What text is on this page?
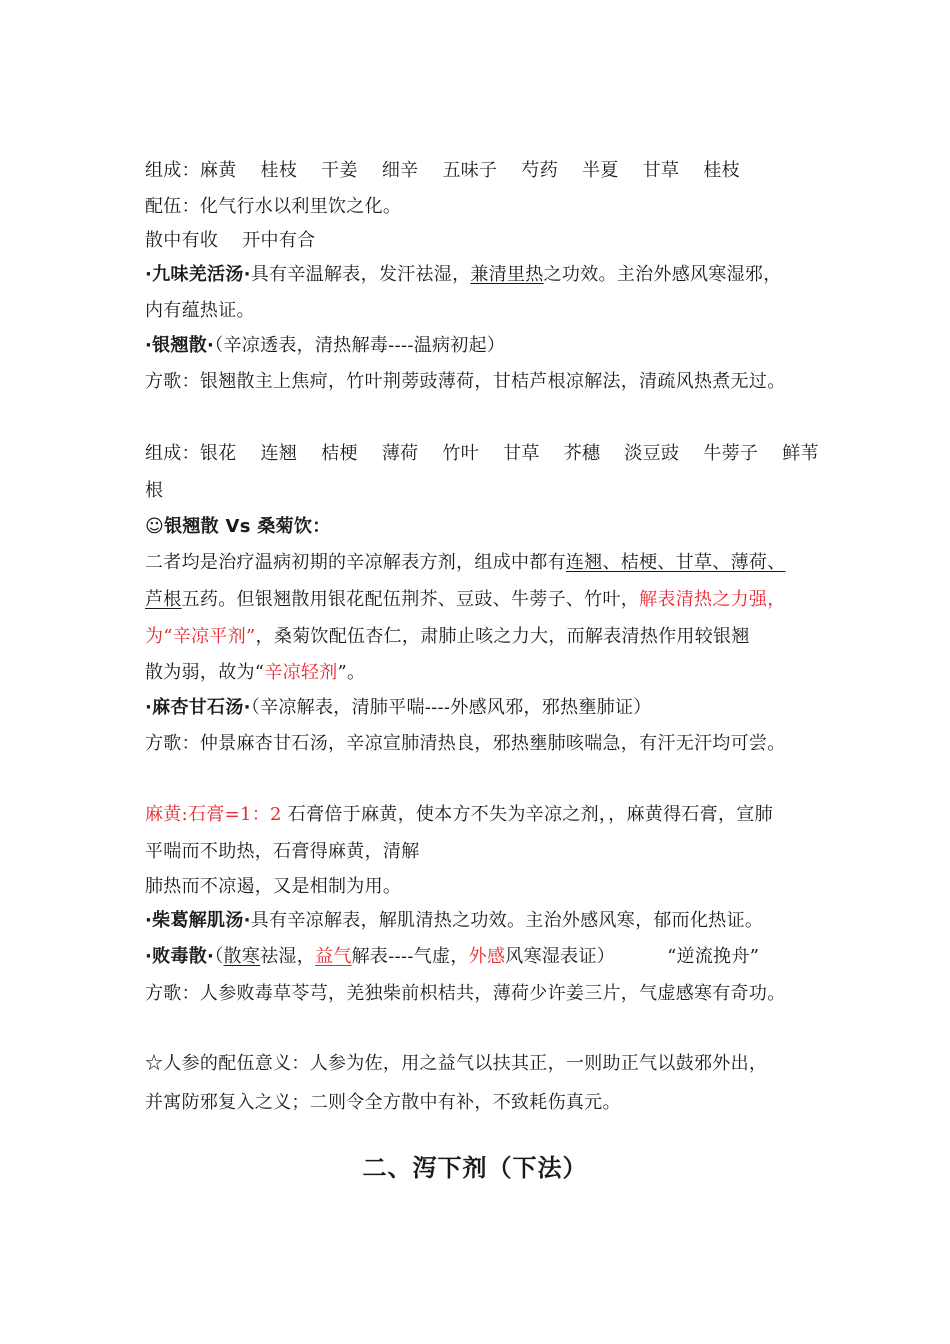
组成：麻黄 桂枝 干姜 细辛 五味子 芍药 半夏 甘草 桂枝
配伍：化气行水以利里饮之化。
散中有收 开中有合
·九味羌活汤·具有辛温解表，发汗祛湿，兼清里热之功效。主治外感风寒湿邪，
内有蕴热证。
·银翘散·（辛凉透表，清热解毒----温病初起）
方歌：银翘散主上焦疴，竹叶荆蒡豉薄荷，甘桔芦根凉解法，清疏风热煮无过。
组成：银花 连翘 桔梗 薄荷 竹叶 甘草 芥穗 淡豆豉 牛蒡子 鲜苇
根
☺银翘散 Vs 桑菊饮：
二者均是治疗温病初期的辛凉解表方剂，组成中都有连翘、桔梗、甘草、薄荷、
芦根五药。但银翘散用银花配伍荆芥、豆豉、牛蒡子、竹叶，解表清热之力强，
为“辛凉平剂”，桑菊饮配伍杏仁，肃肺止咳之力大，而解表清热作用较银翘
散为弱，故为“辛凉轻剂”。
·麻杏甘石汤·（辛凉解表，清肺平喘----外感风邪，邪热壅肺证）
方歌：仲景麻杏甘石汤，辛凉宣肺清热良，邪热壅肺咳喘急，有汗无汗均可尝。
麻黄:石膏=1：2 石膏倍于麻黄，使本方不失为辛凉之剂，，麻黄得石膏，宣肺
平喘而不助热，石膏得麻黄，清解
肺热而不凉遏，又是相制为用。
·柴葛解肌汤·具有辛凉解表，解肌清热之功效。主治外感风寒，郁而化热证。
·败毒散·（散寒祛湿，益气解表----气虚，外感风寒湿表证）	“逆流挽舟”
方歌：人参败毒草苓芎，羌独柴前枳桔共，薄荷少许姜三片，气虚感寒有奇功。
☆人参的配伍意义：人参为佐，用之益气以扶其正，一则助正气以鼓邪外出，
并寓防邪复入之义；二则令全方散中有补，不致耗伤真元。
二、泻下剂（下法）
